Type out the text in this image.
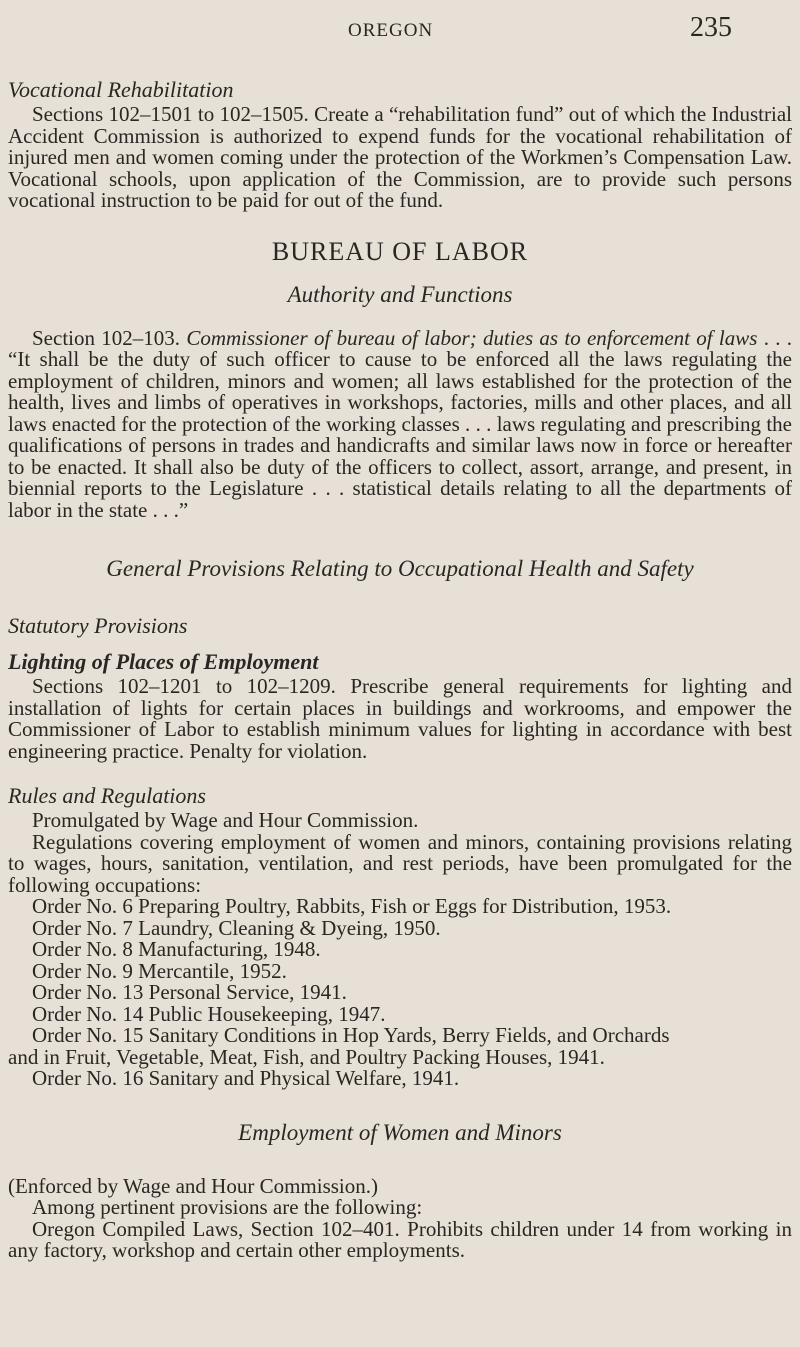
OREGON	235
Vocational Rehabilitation

Sections 102–1501 to 102–1505. Create a “rehabilitation fund” out of which the Industrial Accident Commission is authorized to expend funds for the vocational rehabilitation of injured men and women coming under the protection of the Workmen’s Compensation Law. Vocational schools, upon application of the Commission, are to provide such persons vocational instruction to be paid for out of the fund.

BUREAU OF LABOR
Authority and Functions

Section 102–103. Commissioner of bureau of labor; duties as to enforcement of laws . . . “It shall be the duty of such officer to cause to be enforced all the laws regulating the employment of children, minors and women; all laws established for the protection of the health, lives and limbs of operatives in workshops, factories, mills and other places, and all laws enacted for the protection of the working classes . . . laws regulating and prescribing the qualifications of persons in trades and handicrafts and similar laws now in force or hereafter to be enacted. It shall also be duty of the officers to collect, assort, arrange, and present, in biennial reports to the Legislature . . . statistical details relating to all the departments of labor in the state . . .”

General Provisions Relating to Occupational Health and Safety
Statutory Provisions
Lighting of Places of Employment

Sections 102–1201 to 102–1209. Prescribe general requirements for lighting and installation of lights for certain places in buildings and workrooms, and empower the Commissioner of Labor to establish minimum values for lighting in accordance with best engineering practice. Penalty for violation.

Rules and Regulations

Promulgated by Wage and Hour Commission.

Regulations covering employment of women and minors, containing provisions relating to wages, hours, sanitation, ventilation, and rest periods, have been promulgated for the following occupations:

Order No. 6 Preparing Poultry, Rabbits, Fish or Eggs for Distribution, 1953.

Order No. 7 Laundry, Cleaning & Dyeing, 1950.

Order No. 8 Manufacturing, 1948.

Order No. 9 Mercantile, 1952.

Order No. 13 Personal Service, 1941.

Order No. 14 Public Housekeeping, 1947.

Order No. 15 Sanitary Conditions in Hop Yards, Berry Fields, and Orchards

and in Fruit, Vegetable, Meat, Fish, and Poultry Packing Houses, 1941.

Order No. 16 Sanitary and Physical Welfare, 1941.

Employment of Women and Minors

(Enforced by Wage and Hour Commission.)

Among pertinent provisions are the following:

Oregon Compiled Laws, Section 102–401. Prohibits children under 14 from working in any factory, workshop and certain other employments.
